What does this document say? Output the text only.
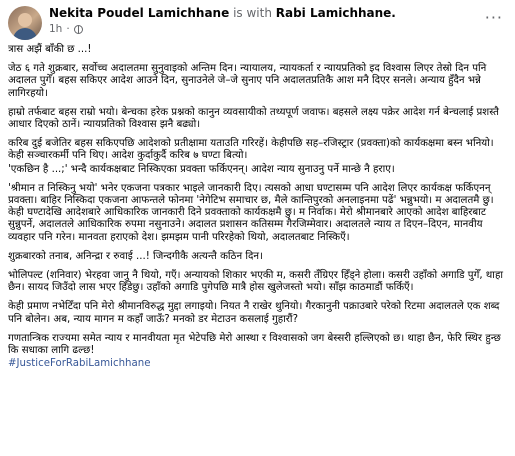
Nekita Poudel Lamichhane is with Rabi Lamichhane.
1h ·
···

त्रास अझैं बाँकी छ ...!

जेठ ६ गते शुक्रबार, सर्वोच्च अदालतमा सुनुवाइको अन्तिम दिन। न्यायालय, न्यायकर्ता र न्यायप्रतिको इद विश्वास लिएर तेस्रो दिन पनि अदालत पुगेँ। बहस सकिएर आदेश आउने दिन, सुनाउनेले जे–जे सुनाए पनि अदालतप्रतिकै आश मनै दिएर सनले। अन्याय हुँदैन भन्ने लागिरहयो।

हाम्रो तर्फबाट बहस राम्रो भयो। बेन्चका हरेक प्रश्नको कानुन व्यवसायीको तथ्यपूर्ण जवाफ। बहसले लक्ष्य पक्रेर आदेश गर्न बेन्चलाई प्रशस्तै आधार दिएको ठानें। न्यायप्रतिको विश्वास झनै बढ्यो।

करिब दुई बजेतिर बहस सकिएपछि आदेशको प्रतीक्षामा यताउति गरिरहें। केहीपछि सह–रजिस्ट्रार (प्रवक्ता)को कार्यकक्षमा बस्न भनियो। केही सञ्चारकर्मी पनि थिए। आदेश कुर्दाकुर्दै करिब ७ घण्टा बित्यो।

'एकछिन है ...;' भन्दै कार्यकक्षबाट निस्किएका प्रवक्ता फर्किएनन्। आदेश न्याय सुनाउनु पर्ने मान्छे नै हराए।

'श्रीमान त निस्किनु भयो' भनेर एकजना पत्रकार भाइले जानकारी दिए। त्यसको आधा घण्टासम्म पनि आदेश लिएर कार्यकक्ष फर्किएनन् प्रवक्ता। बाहिर निस्किदा एकजना आफन्तले फोनमा 'नेगेटिभ समाचार छ, मैले कान्तिपुरको अनलाइनमा पढें' भन्नुभयो। म अदालतमै छु। केही घण्टादेखि आदेशबारे आधिकारिक जानकारी दिने प्रवक्ताको कार्यकक्षमै छु। म निर्वाक। मेरो श्रीमानबारे आएको आदेश बाहिरबाट सुन्नुपर्ने, अदालतले आधिकारिक रुपमा नसुनाउने। अदालत प्रशासन कतिसम्म गैरजिम्मेवार। अदालतले न्याय त दिएन–दिएन, मानवीय व्यवहार पनि गरेन। मानवता हराएको देश। झमझम पानी परिरहेको थियो, अदालतबाट निस्किएँ।

शुक्रबारको तनाब, अनिन्द्रा र रुवाई ...! जिन्दगीकै अत्यन्तै कठिन दिन।

भोलिपल्ट (शनिवार) भेरहवा जानु नै थियो, गएँ। अन्यायको शिकार भएकी म, कसरी तँग्रिएर हिँड्ने होला। कसरी उहाँको अगाडि पुगेँ, थाहा छैन। सायद जिउँदो लास भएर हिँडेछु। उहाँको अगाडि पुगेपछि मात्रै होस खुलेजस्तो भयो। साँझ काठमाडौं फर्किएँ।

केही प्रमाण नभेटिँदा पनि मेरो श्रीमानविरुद्ध मुद्दा लगाइयो। नियत नै राखेर थुनियो। गैरकानुनी पक्राउबारे परेको रिटमा अदालतले एक शब्द पनि बोलेन। अब, न्याय मागन म कहाँ जाऊँ? मनको डर मेटाउन कसलाई गुहारौं?

गणतान्त्रिक राज्यमा समेत न्याय र मानवीयता मृत भेटेपछि मेरो आस्था र विश्वासको जग बेस्सरी हल्लिएको छ। थाहा छैन, फेरि स्थिर हुन्छ कि सधाका लागि ढल्छ!

#JusticeForRabiLamichhane
